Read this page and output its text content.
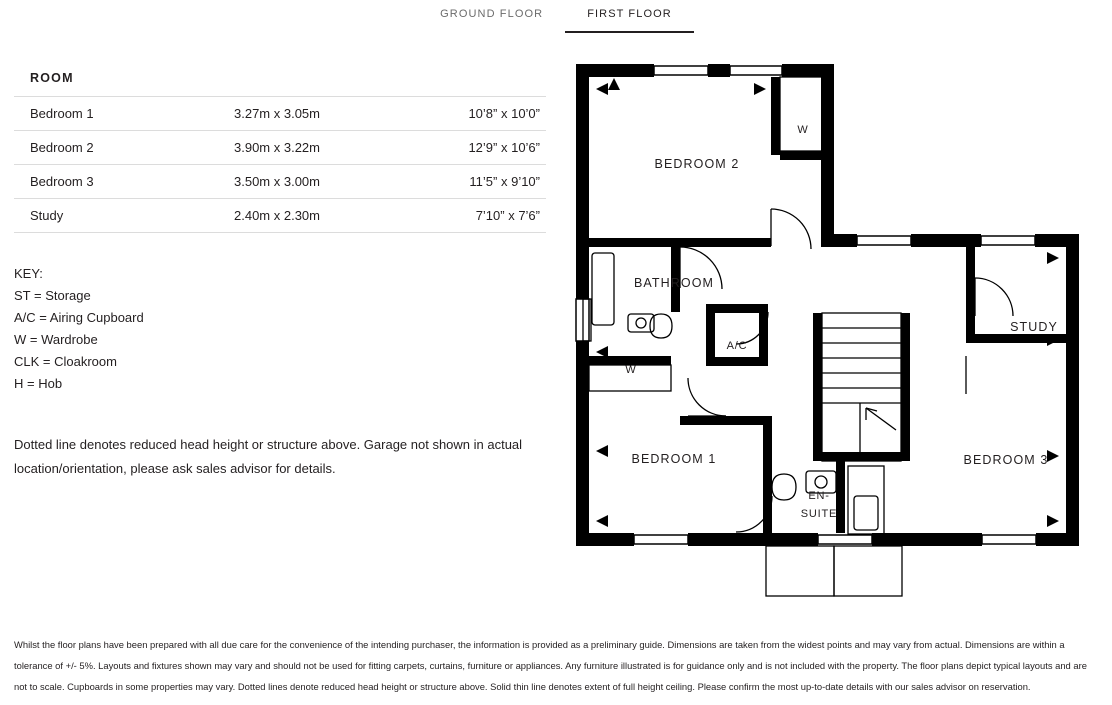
GROUND FLOOR	FIRST FLOOR
ROOM		
Bedroom 1	3.27m x 3.05m	10’8” x 10’0”
Bedroom 2	3.90m x 3.22m	12’9” x 10’6”
Bedroom 3	3.50m x 3.00m	11’5” x 9’10”
Study	2.40m x 2.30m	7’10” x 7’6”
KEY:
ST = Storage
A/C = Airing Cupboard
W = Wardrobe
CLK = Cloakroom
H = Hob
Dotted line denotes reduced head height or structure above. Garage not shown in actual location/orientation, please ask sales advisor for details.
Whilst the floor plans have been prepared with all due care for the convenience of the intending purchaser, the information is provided as a preliminary guide. Dimensions are taken from the widest points and may vary from actual. Dimensions are within a tolerance of +/- 5%. Layouts and fixtures shown may vary and should not be used for fitting carpets, curtains, furniture or appliances. Any furniture illustrated is for guidance only and is not included with the property. The floor plans depict typical layouts and are not to scale. Cupboards in some properties may vary. Dotted lines denote reduced head height or structure above. Solid thin line denotes extent of full height ceiling. Please confirm the most up-to-date details with our sales advisor on reservation.
BEDROOM 2
BEDROOM 1	BEDROOM 3
BATHROOM
STUDY
EN-
SUITE
A/C
W
W
